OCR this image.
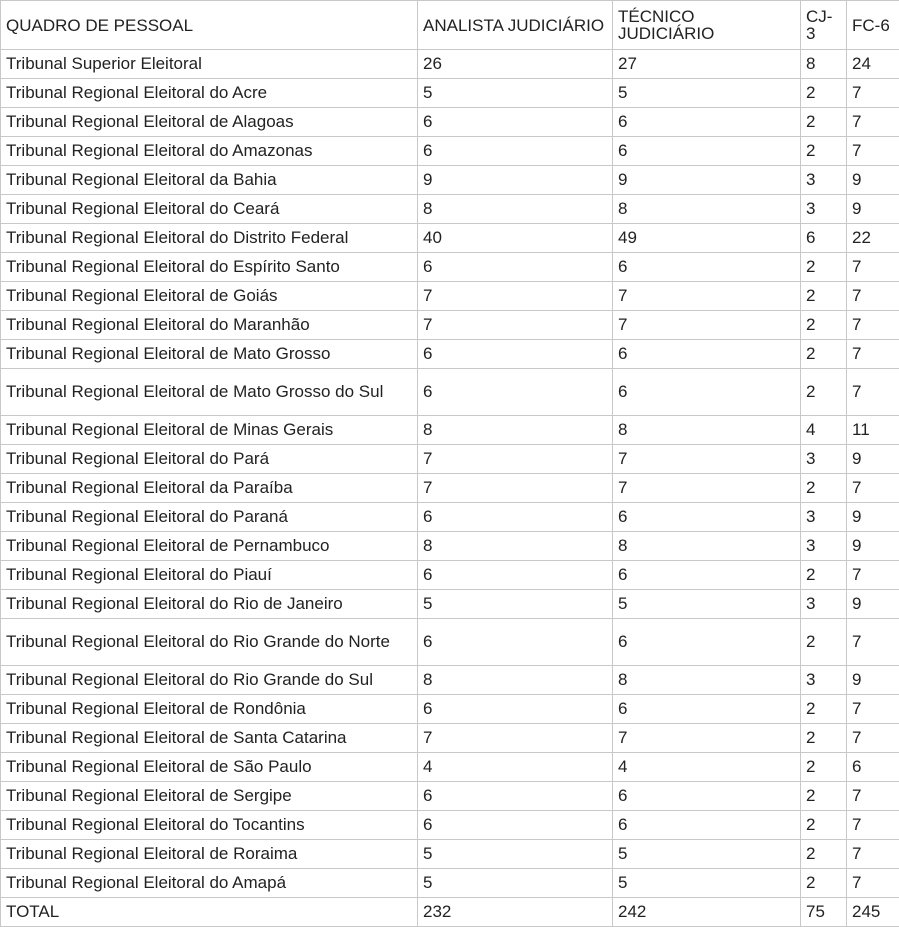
QUADRO DE PESSOAL	ANALISTA JUDICIÁRIO	TÉCNICO JUDICIÁRIO	CJ-3	FC-6
Tribunal Superior Eleitoral	26	27	8	24
Tribunal Regional Eleitoral do Acre	5	5	2	7
Tribunal Regional Eleitoral de Alagoas	6	6	2	7
Tribunal Regional Eleitoral do Amazonas	6	6	2	7
Tribunal Regional Eleitoral da Bahia	9	9	3	9
Tribunal Regional Eleitoral do Ceará	8	8	3	9
Tribunal Regional Eleitoral do Distrito Federal	40	49	6	22
Tribunal Regional Eleitoral do Espírito Santo	6	6	2	7
Tribunal Regional Eleitoral de Goiás	7	7	2	7
Tribunal Regional Eleitoral do Maranhão	7	7	2	7
Tribunal Regional Eleitoral de Mato Grosso	6	6	2	7
Tribunal Regional Eleitoral de Mato Grosso do Sul	6	6	2	7
Tribunal Regional Eleitoral de Minas Gerais	8	8	4	11
Tribunal Regional Eleitoral do Pará	7	7	3	9
Tribunal Regional Eleitoral da Paraíba	7	7	2	7
Tribunal Regional Eleitoral do Paraná	6	6	3	9
Tribunal Regional Eleitoral de Pernambuco	8	8	3	9
Tribunal Regional Eleitoral do Piauí	6	6	2	7
Tribunal Regional Eleitoral do Rio de Janeiro	5	5	3	9
Tribunal Regional Eleitoral do Rio Grande do Norte	6	6	2	7
Tribunal Regional Eleitoral do Rio Grande do Sul	8	8	3	9
Tribunal Regional Eleitoral de Rondônia	6	6	2	7
Tribunal Regional Eleitoral de Santa Catarina	7	7	2	7
Tribunal Regional Eleitoral de São Paulo	4	4	2	6
Tribunal Regional Eleitoral de Sergipe	6	6	2	7
Tribunal Regional Eleitoral do Tocantins	6	6	2	7
Tribunal Regional Eleitoral de Roraima	5	5	2	7
Tribunal Regional Eleitoral do Amapá	5	5	2	7
TOTAL	232	242	75	245
